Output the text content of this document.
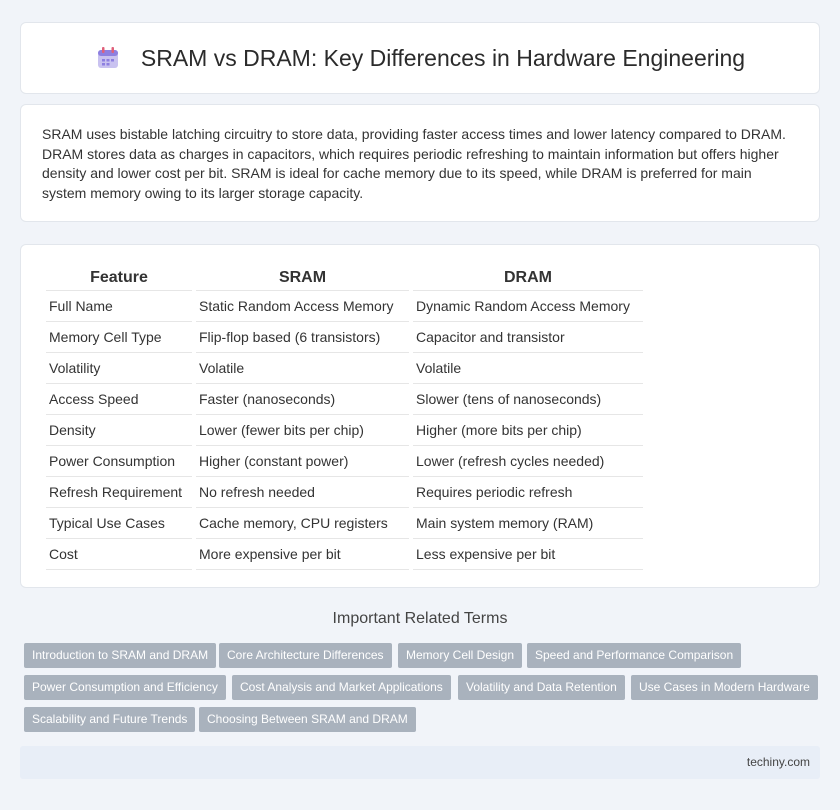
SRAM vs DRAM: Key Differences in Hardware Engineering

SRAM uses bistable latching circuitry to store data, providing faster access times and lower latency compared to DRAM. DRAM stores data as charges in capacitors, which requires periodic refreshing to maintain information but offers higher density and lower cost per bit. SRAM is ideal for cache memory due to its speed, while DRAM is preferred for main system memory owing to its larger storage capacity.

Feature	SRAM	DRAM
Full Name	Static Random Access Memory	Dynamic Random Access Memory
Memory Cell Type	Flip-flop based (6 transistors)	Capacitor and transistor
Volatility	Volatile	Volatile
Access Speed	Faster (nanoseconds)	Slower (tens of nanoseconds)
Density	Lower (fewer bits per chip)	Higher (more bits per chip)
Power Consumption	Higher (constant power)	Lower (refresh cycles needed)
Refresh Requirement	No refresh needed	Requires periodic refresh
Typical Use Cases	Cache memory, CPU registers	Main system memory (RAM)
Cost	More expensive per bit	Less expensive per bit
Important Related Terms
Introduction to SRAM and DRAM	Core Architecture Differences	Memory Cell Design	Speed and Performance Comparison
Power Consumption and Efficiency	Cost Analysis and Market Applications	Volatility and Data Retention	Use Cases in Modern Hardware
Scalability and Future Trends	Choosing Between SRAM and DRAM
techiny.com
